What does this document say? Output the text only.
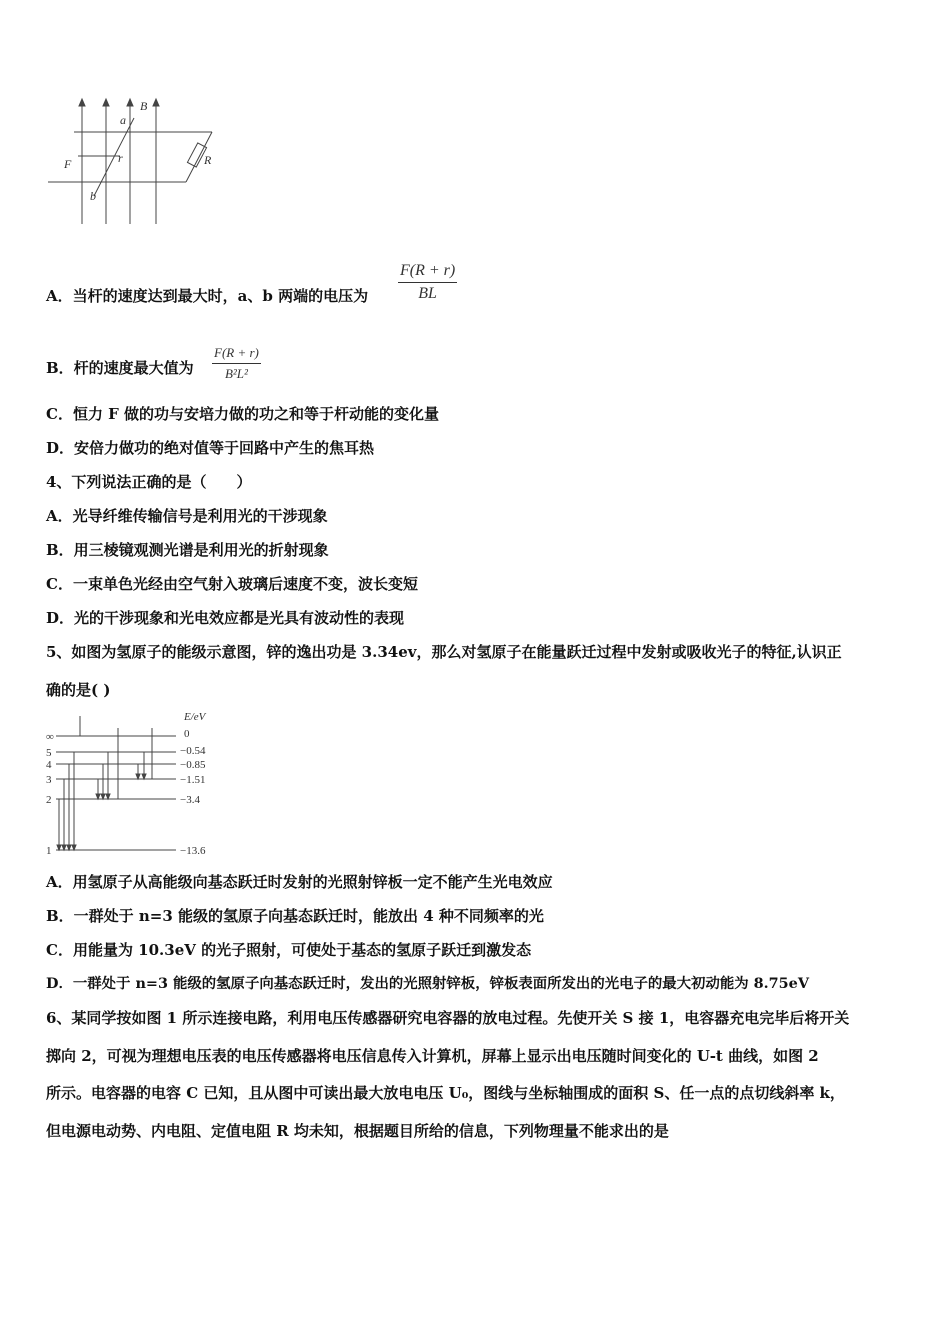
B
a
F	r	R
b
A．当杆的速度达到最大时，a、b 两端的电压为 $\frac{F(R + r)}{BL}$
B．杆的速度最大值为 $\frac{F(R + r)}{\text{B²L²}}$
C．恒力 F 做的功与安培力做的功之和等于杆动能的变化量
D．安倍力做功的绝对值等于回路中产生的焦耳热
4、下列说法正确的是（　　）
A．光导纤维传输信号是利用光的干涉现象
B．用三棱镜观测光谱是利用光的折射现象
C．一束单色光经由空气射入玻璃后速度不变，波长变短
D．光的干涉现象和光电效应都是光具有波动性的表现
5、如图为氢原子的能级示意图，锌的逸出功是 3.34ev，那么对氢原子在能量跃迁过程中发射或吸收光子的特征,认识正
确的是( )
E/eV
∞
5
4
3
2
1
0
−0.54
−0.85
−1.51
−3.4
−13.6
A．用氢原子从高能级向基态跃迁时发射的光照射锌板一定不能产生光电效应
B．一群处于 n=3 能级的氢原子向基态跃迁时，能放出 4 种不同频率的光
C．用能量为 10.3eV 的光子照射，可使处于基态的氢原子跃迁到激发态
D．一群处于 n=3 能级的氢原子向基态跃迁时，发出的光照射锌板，锌板表面所发出的光电子的最大初动能为 8.75eV
6、某同学按如图 1 所示连接电路，利用电压传感器研究电容器的放电过程。先使开关 S 接 1，电容器充电完毕后将开关
掷向 2，可视为理想电压表的电压传感器将电压信息传入计算机，屏幕上显示出电压随时间变化的 U-t 曲线，如图 2
所示。电容器的电容 C 已知，且从图中可读出最大放电电压 U₀，图线与坐标轴围成的面积 S、任一点的点切线斜率 k，
但电源电动势、内电阻、定值电阻 R 均未知，根据题目所给的信息，下列物理量不能求出的是
